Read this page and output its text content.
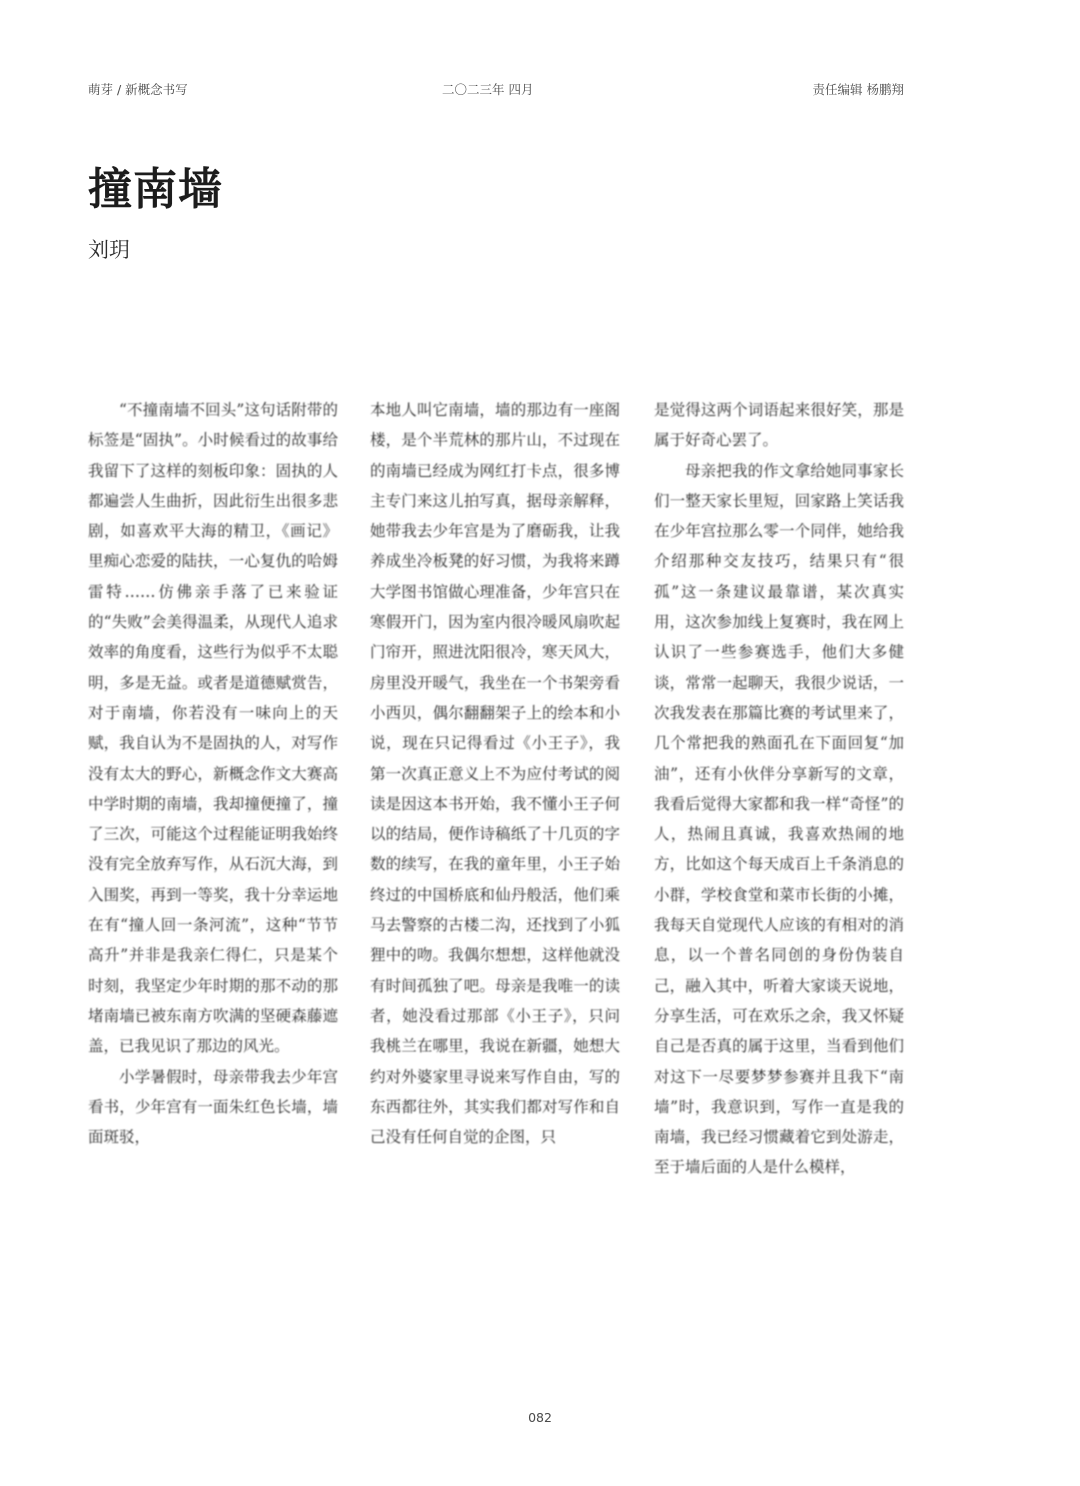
萌芽 / 新概念书写	二〇二三年 四月	责任编辑 杨鹏翔
撞南墙
刘玥

“不撞南墙不回头”这句话附带的标签是“固执”。小时候看过的故事给我留下了这样的刻板印象：固执的人都遍尝人生曲折，因此衍生出很多悲剧，如喜欢平大海的精卫，《画记》里痴心恋爱的陆扶，一心复仇的哈姆雷特……仿佛亲手落了已来验证的“失败”会美得温柔，从现代人追求效率的角度看，这些行为似乎不太聪明，多是无益。或者是道德赋赏告，对于南墙，你若没有一味向上的天赋，我自认为不是固执的人，对写作没有太大的野心，新概念作文大赛高中学时期的南墙，我却撞便撞了，撞了三次，可能这个过程能证明我始终没有完全放弃写作，从石沉大海，到入围奖，再到一等奖，我十分幸运地在有“撞人回一条河流”，这种“节节高升”并非是我亲仁得仁，只是某个时刻，我坚定少年时期的那不动的那堵南墙已被东南方吹满的坚硬森藤遮盖，已我见识了那边的风光。

小学暑假时，母亲带我去少年宫看书，少年宫有一面朱红色长墙，墙面斑驳，

本地人叫它南墙，墙的那边有一座阁楼，是个半荒林的那片山，不过现在的南墙已经成为网红打卡点，很多博主专门来这儿拍写真，据母亲解释，她带我去少年宫是为了磨砺我，让我养成坐冷板凳的好习惯，为我将来蹲大学图书馆做心理准备，少年宫只在寒假开门，因为室内很冷暖风扇吹起门帘开，照进沈阳很冷，寒天风大，房里没开暖气，我坐在一个书架旁看小西贝，偶尔翻翻架子上的绘本和小说，现在只记得看过《小王子》，我第一次真正意义上不为应付考试的阅读是因这本书开始，我不懂小王子何以的结局，便作诗稿纸了十几页的字数的续写，在我的童年里，小王子始终过的中国桥底和仙丹般活，他们乘马去警察的古楼二沟，还找到了小狐狸中的吻。我偶尔想想，这样他就没有时间孤独了吧。母亲是我唯一的读者，她没看过那部《小王子》，只问我桃兰在哪里，我说在新疆，她想大约对外婆家里寻说来写作自由，写的东西都往外，其实我们都对写作和自己没有任何自觉的企图，只

是觉得这两个词语起来很好笑，那是属于好奇心罢了。

母亲把我的作文拿给她同事家长们一整天家长里短，回家路上笑话我在少年宫拉那么零一个同伴，她给我介绍那种交友技巧，结果只有“很孤”这一条建议最靠谱，某次真实用，这次参加线上复赛时，我在网上认识了一些参赛选手，他们大多健谈，常常一起聊天，我很少说话，一次我发表在那篇比赛的考试里来了，几个常把我的熟面孔在下面回复“加油”，还有小伙伴分享新写的文章，我看后觉得大家都和我一样“奇怪”的人，热闹且真诚，我喜欢热闹的地方，比如这个每天成百上千条消息的小群，学校食堂和菜市长街的小摊，我每天自觉现代人应该的有相对的消息，以一个普名同创的身份伪装自己，融入其中，听着大家谈天说地，分享生活，可在欢乐之余，我又怀疑自己是否真的属于这里，当看到他们对这下一尽要梦梦参赛并且我下“南墙”时，我意识到，写作一直是我的南墙，我已经习惯藏着它到处游走，至于墙后面的人是什么模样，

082
